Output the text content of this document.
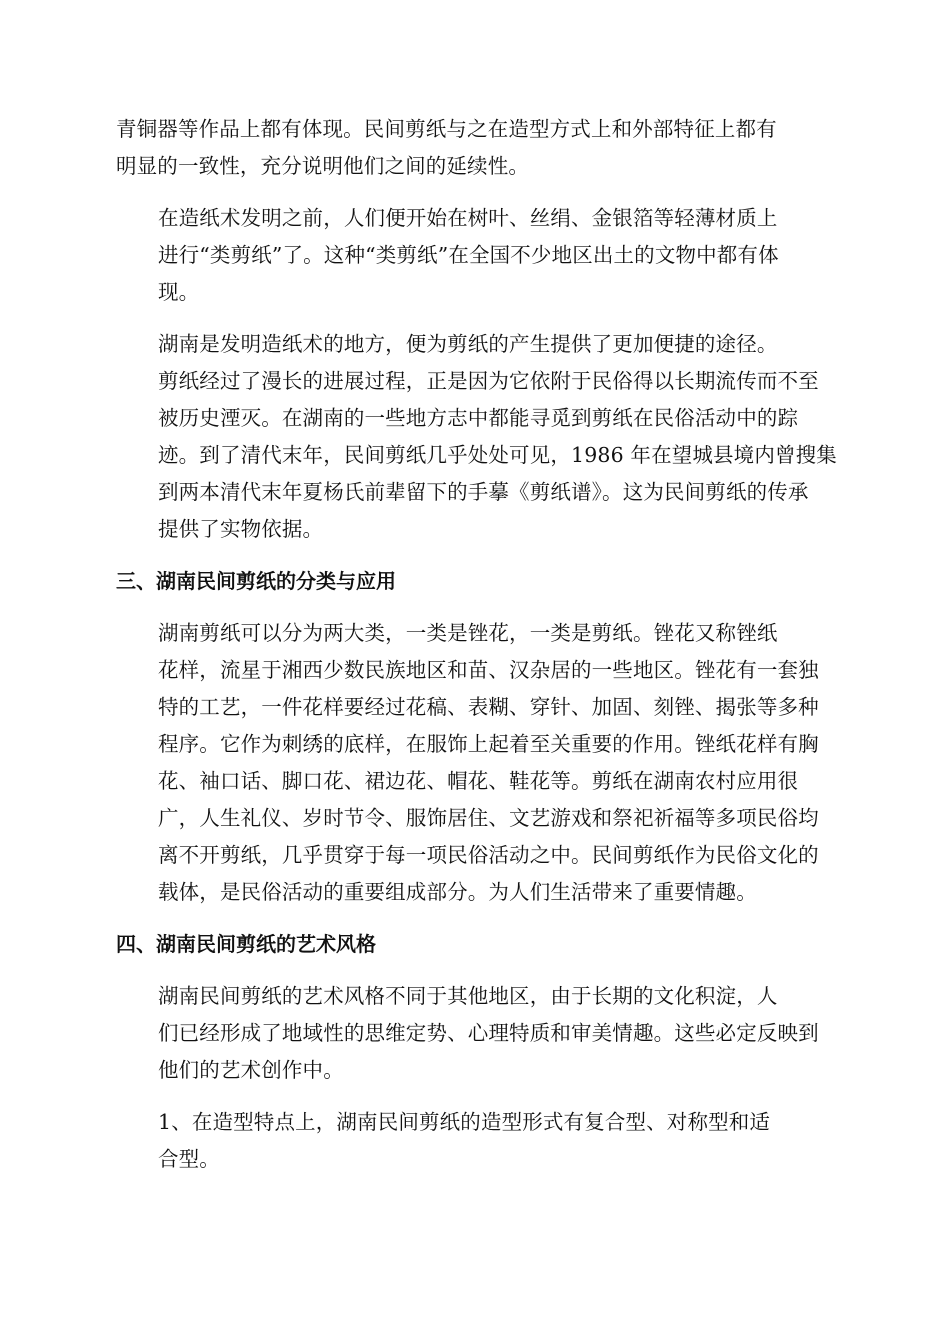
青铜器等作品上都有体现。民间剪纸与之在造型方式上和外部特征上都有
明显的一致性，充分说明他们之间的延续性。
在造纸术发明之前，人们便开始在树叶、丝绢、金银箔等轻薄材质上
进行“类剪纸”了。这种“类剪纸”在全国不少地区出土的文物中都有体
现。
湖南是发明造纸术的地方，便为剪纸的产生提供了更加便捷的途径。
剪纸经过了漫长的进展过程，正是因为它依附于民俗得以长期流传而不至
被历史湮灭。在湖南的一些地方志中都能寻觅到剪纸在民俗活动中的踪
迹。到了清代末年，民间剪纸几乎处处可见，1986 年在望城县境内曾搜集
到两本清代末年夏杨氏前辈留下的手摹《剪纸谱》。这为民间剪纸的传承
提供了实物依据。
三、湖南民间剪纸的分类与应用
湖南剪纸可以分为两大类，一类是锉花，一类是剪纸。锉花又称锉纸
花样，流星于湘西少数民族地区和苗、汉杂居的一些地区。锉花有一套独
特的工艺，一件花样要经过花稿、表糊、穿针、加固、刻锉、揭张等多种
程序。它作为刺绣的底样，在服饰上起着至关重要的作用。锉纸花样有胸
花、袖口话、脚口花、裙边花、帽花、鞋花等。剪纸在湖南农村应用很
广，人生礼仪、岁时节令、服饰居住、文艺游戏和祭祀祈福等多项民俗均
离不开剪纸，几乎贯穿于每一项民俗活动之中。民间剪纸作为民俗文化的
载体，是民俗活动的重要组成部分。为人们生活带来了重要情趣。
四、湖南民间剪纸的艺术风格
湖南民间剪纸的艺术风格不同于其他地区，由于长期的文化积淀，人
们已经形成了地域性的思维定势、心理特质和审美情趣。这些必定反映到
他们的艺术创作中。
1、在造型特点上，湖南民间剪纸的造型形式有复合型、对称型和适
合型。
